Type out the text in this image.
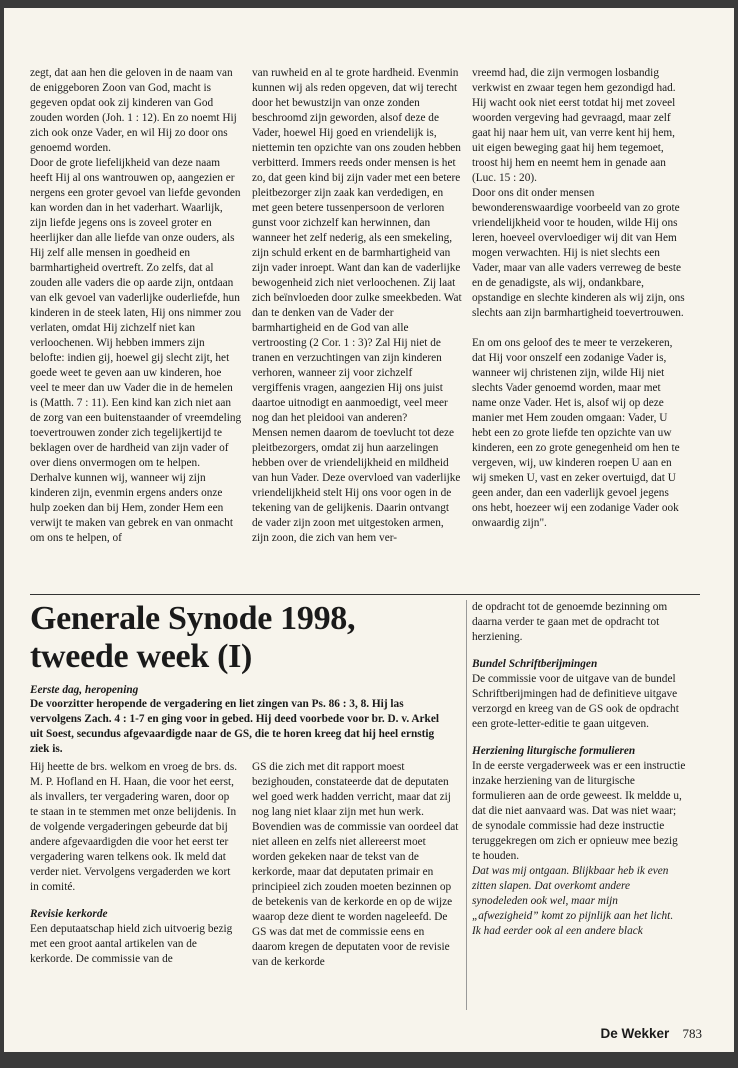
zegt, dat aan hen die geloven in de naam van de eniggeboren Zoon van God, macht is gegeven opdat ook zij kinderen van God zouden worden (Joh. 1 : 12). En zo noemt Hij zich ook onze Vader, en wil Hij zo door ons genoemd worden.

Door de grote liefelijkheid van deze naam heeft Hij al ons wantrouwen op, aangezien er nergens een groter gevoel van liefde gevonden kan worden dan in het vaderhart. Waarlijk, zijn liefde jegens ons is zoveel groter en heerlijker dan alle liefde van onze ouders, als Hij zelf alle mensen in goedheid en barmhartigheid overtreft. Zo zelfs, dat al zouden alle vaders die op aarde zijn, ontdaan van elk gevoel van vaderlijke ouderliefde, hun kinderen in de steek laten, Hij ons nimmer zou verlaten, omdat Hij zichzelf niet kan verloochenen. Wij hebben immers zijn belofte: indien gij, hoewel gij slecht zijt, het goede weet te geven aan uw kinderen, hoe veel te meer dan uw Vader die in de hemelen is (Matth. 7 : 11). Een kind kan zich niet aan de zorg van een buitenstaander of vreemdeling toevertrouwen zonder zich tegelijkertijd te beklagen over de hardheid van zijn vader of over diens onvermogen om te helpen. Derhalve kunnen wij, wanneer wij zijn kinderen zijn, evenmin ergens anders onze hulp zoeken dan bij Hem, zonder Hem een verwijt te maken van gebrek en van onmacht om ons te helpen, of

van ruwheid en al te grote hardheid. Evenmin kunnen wij als reden opgeven, dat wij terecht door het bewustzijn van onze zonden beschroomd zijn geworden, alsof deze de Vader, hoewel Hij goed en vriendelijk is, niettemin ten opzichte van ons zouden hebben verbitterd. Immers reeds onder mensen is het zo, dat geen kind bij zijn vader met een betere pleitbezorger zijn zaak kan verdedigen, en met geen betere tussenpersoon de verloren gunst voor zichzelf kan herwinnen, dan wanneer het zelf nederig, als een smekeling, zijn schuld erkent en de barmhartigheid van zijn vader inroept. Want dan kan de vaderlijke bewogenheid zich niet verloochenen. Zij laat zich beïnvloeden door zulke smeekbeden. Wat dan te denken van de Vader der barmhartigheid en de God van alle vertroosting (2 Cor. 1 : 3)? Zal Hij niet de tranen en verzuchtingen van zijn kinderen verhoren, wanneer zij voor zichzelf vergiffenis vragen, aangezien Hij ons juist daartoe uitnodigt en aanmoedigt, veel meer nog dan het pleidooi van anderen?

Mensen nemen daarom de toevlucht tot deze pleitbezorgers, omdat zij hun aarzelingen hebben over de vriendelijkheid en mildheid van hun Vader. Deze overvloed van vaderlijke vriendelijkheid stelt Hij ons voor ogen in de tekening van de gelijkenis. Daarin ontvangt de vader zijn zoon met uitgestoken armen, zijn zoon, die zich van hem ver-

vreemd had, die zijn vermogen losbandig verkwist en zwaar tegen hem gezondigd had. Hij wacht ook niet eerst totdat hij met zoveel woorden vergeving had gevraagd, maar zelf gaat hij naar hem uit, van verre kent hij hem, uit eigen beweging gaat hij hem tegemoet, troost hij hem en neemt hem in genade aan (Luc. 15 : 20).

Door ons dit onder mensen bewonderenswaardige voorbeeld van zo grote vriendelijkheid voor te houden, wilde Hij ons leren, hoeveel overvloediger wij dit van Hem mogen verwachten. Hij is niet slechts een Vader, maar van alle vaders verreweg de beste en de genadigste, als wij, ondankbare, opstandige en slechte kinderen als wij zijn, ons slechts aan zijn barmhartigheid toevertrouwen.

En om ons geloof des te meer te verzekeren, dat Hij voor onszelf een zodanige Vader is, wanneer wij christenen zijn, wilde Hij niet slechts Vader genoemd worden, maar met name onze Vader. Het is, alsof wij op deze manier met Hem zouden omgaan: Vader, U hebt een zo grote liefde ten opzichte van uw kinderen, een zo grote genegenheid om hen te vergeven, wij, uw kinderen roepen U aan en wij smeken U, vast en zeker overtuigd, dat U geen ander, dan een vaderlijk gevoel jegens ons hebt, hoezeer wij een zodanige Vader ook onwaardig zijn".

Generale Synode 1998,
tweede week (I)
Eerste dag, heropening
De voorzitter heropende de vergadering en liet zingen van Ps. 86 : 3, 8. Hij las vervolgens Zach. 4 : 1-7 en ging voor in gebed. Hij deed voorbede voor br. D. v. Arkel uit Soest, secundus afgevaardigde naar de GS, die te horen kreeg dat hij heel ernstig ziek is.

Hij heette de brs. welkom en vroeg de brs. ds. M. P. Hofland en H. Haan, die voor het eerst, als invallers, ter vergadering waren, door op te staan in te stemmen met onze belijdenis. In de volgende vergaderingen gebeurde dat bij andere afgevaardigden die voor het eerst ter vergadering waren telkens ook. Ik meld dat verder niet. Vervolgens vergaderden we kort in comité.

Revisie kerkorde

Een deputaatschap hield zich uitvoerig bezig met een groot aantal artikelen van de kerkorde. De commissie van de

GS die zich met dit rapport moest bezighouden, constateerde dat de deputaten wel goed werk hadden verricht, maar dat zij nog lang niet klaar zijn met hun werk. Bovendien was de commissie van oordeel dat niet alleen en zelfs niet allereerst moet worden gekeken naar de tekst van de kerkorde, maar dat deputaten primair en principieel zich zouden moeten bezinnen op de betekenis van de kerkorde en op de wijze waarop deze dient te worden nageleefd. De GS was dat met de commissie eens en daarom kregen de deputaten voor de revisie van de kerkorde

de opdracht tot de genoemde bezinning om daarna verder te gaan met de opdracht tot herziening.

Bundel Schriftberijmingen

De commissie voor de uitgave van de bundel Schriftberijmingen had de definitieve uitgave verzorgd en kreeg van de GS ook de opdracht een grote-letter-editie te gaan uitgeven.

Herziening liturgische formulieren

In de eerste vergaderweek was er een instructie inzake herziening van de liturgische formulieren aan de orde geweest. Ik meldde u, dat die niet aanvaard was. Dat was niet waar; de synodale commissie had deze instructie teruggekregen om zich er opnieuw mee bezig te houden.

Dat was mij ontgaan. Blijkbaar heb ik even zitten slapen. Dat overkomt andere synodeleden ook wel, maar mijn „afwezigheid” komt zo pijnlijk aan het licht.

Ik had eerder ook al een andere black

De Wekker 783
